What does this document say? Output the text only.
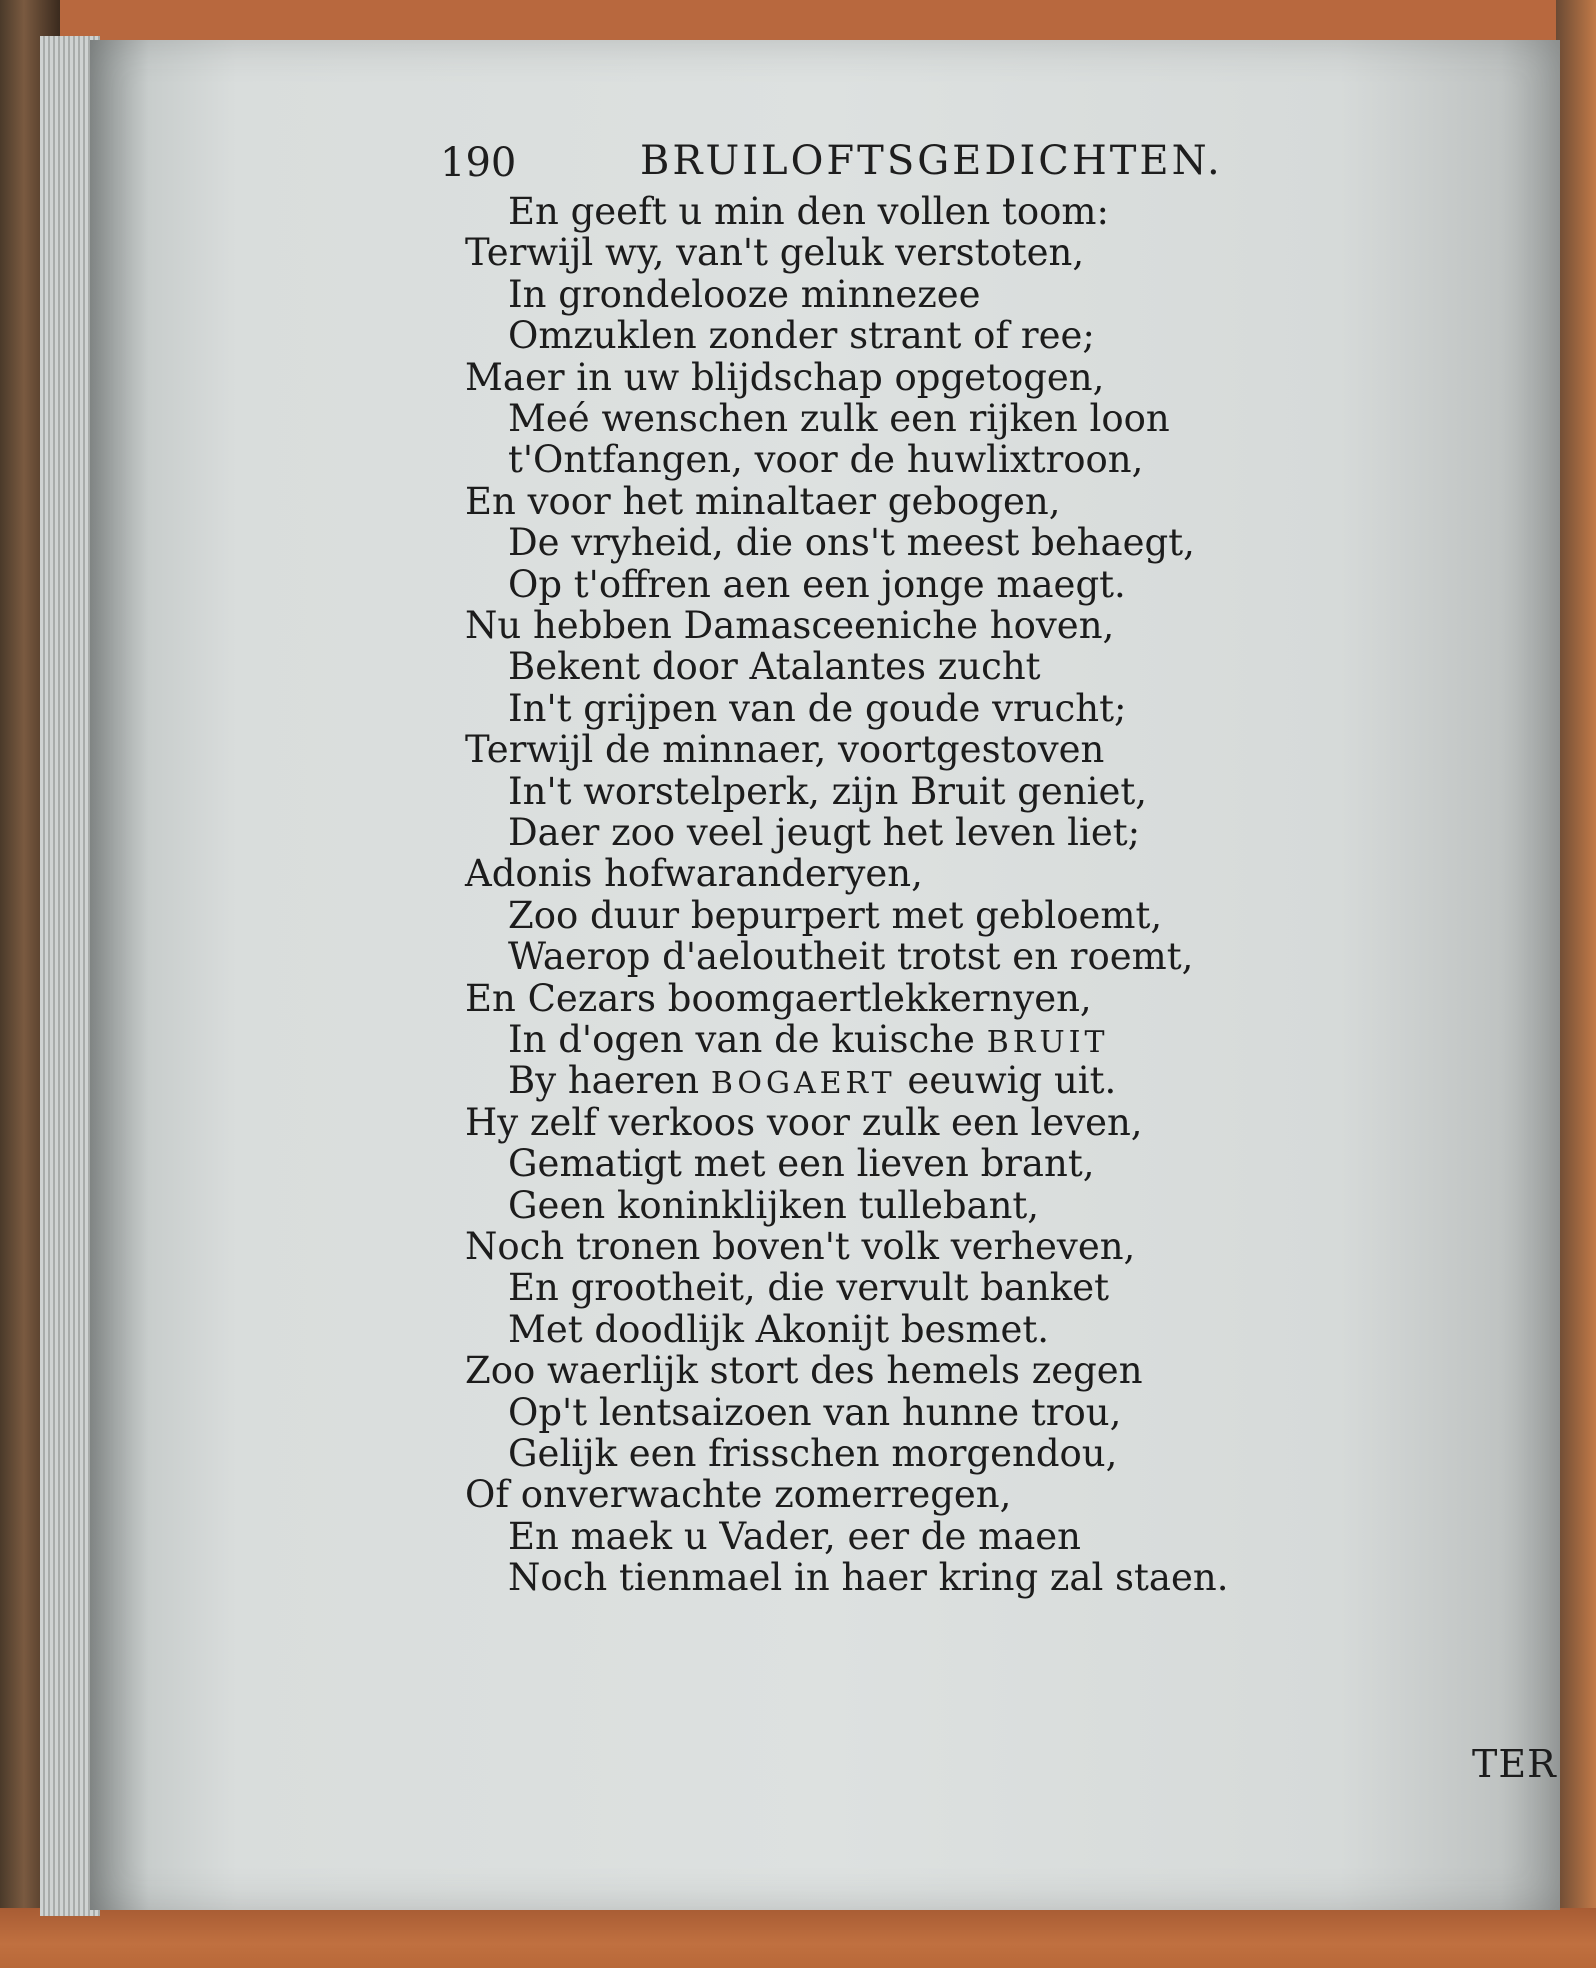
190	BRUILOFTSGEDICHTEN.
En geeft u min den vollen toom:
Terwijl wy, van't geluk verstoten,
In grondelooze minnezee
Omzuklen zonder strant of ree;
Maer in uw blijdschap opgetogen,
Meé wenschen zulk een rijken loon
t'Ontfangen, voor de huwlixtroon,
En voor het minaltaer gebogen,
De vryheid, die ons't meest behaegt,
Op t'offren aen een jonge maegt.
Nu hebben Damasceeniche hoven,
Bekent door Atalantes zucht
In't grijpen van de goude vrucht;
Terwijl de minnaer, voortgestoven
In't worstelperk, zijn Bruit geniet,
Daer zoo veel jeugt het leven liet;
Adonis hofwaranderyen,
Zoo duur bepurpert met gebloemt,
Waerop d'aeloutheit trotst en roemt,
En Cezars boomgaertlekkernyen,
In d'ogen van de kuische BRUIT
By haeren BOGAERT eeuwig uit.
Hy zelf verkoos voor zulk een leven,
Gematigt met een lieven brant,
Geen koninklijken tullebant,
Noch tronen boven't volk verheven,
En grootheit, die vervult banket
Met doodlijk Akonijt besmet.
Zoo waerlijk stort des hemels zegen
Op't lentsaizoen van hunne trou,
Gelijk een frisschen morgendou,
Of onverwachte zomerregen,
En maek u Vader, eer de maen
Noch tienmael in haer kring zal staen.
TER
